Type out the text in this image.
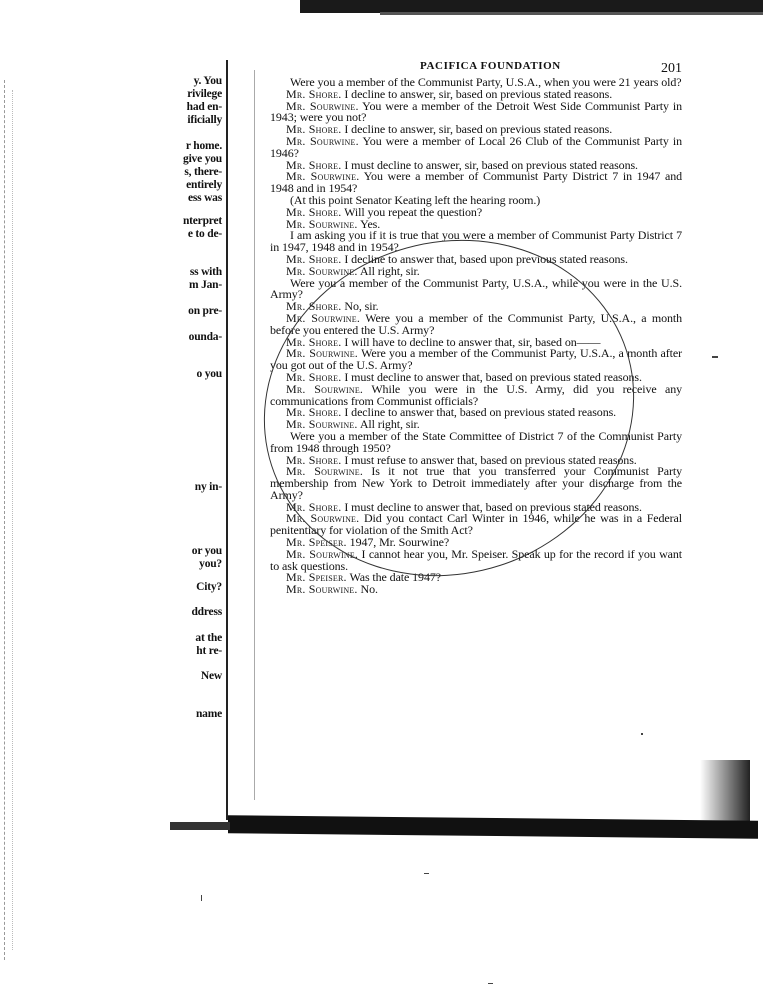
y. You
rivilege
had en-
ificially
r home.
give you
s, there-
entirely
ess was
nterpret
e to de-
ss with
m Jan-
on pre-
ounda-
o you
ny in-
or you
you?
City?
ddress
at the
ht re-
New
name
PACIFICA FOUNDATION	201

Were you a member of the Communist Party, U.S.A., when you were 21 years old?

Mr. Shore. I decline to answer, sir, based on previous stated reasons.

Mr. Sourwine. You were a member of the Detroit West Side Communist Party in 1943; were you not?

Mr. Shore. I decline to answer, sir, based on previous stated reasons.

Mr. Sourwine. You were a member of Local 26 Club of the Communist Party in 1946?

Mr. Shore. I must decline to answer, sir, based on previous stated reasons.

Mr. Sourwine. You were a member of Communist Party District 7 in 1947 and 1948 and in 1954?

(At this point Senator Keating left the hearing room.)

Mr. Shore. Will you repeat the question?

Mr. Sourwine. Yes.

I am asking you if it is true that you were a member of Communist Party District 7 in 1947, 1948 and in 1954?

Mr. Shore. I decline to answer that, based upon previous stated reasons.

Mr. Sourwine. All right, sir.

Were you a member of the Communist Party, U.S.A., while you were in the U.S. Army?

Mr. Shore. No, sir.

Mr. Sourwine. Were you a member of the Communist Party, U.S.A., a month before you entered the U.S. Army?

Mr. Shore. I will have to decline to answer that, sir, based on——

Mr. Sourwine. Were you a member of the Communist Party, U.S.A., a month after you got out of the U.S. Army?

Mr. Shore. I must decline to answer that, based on previous stated reasons.

Mr. Sourwine. While you were in the U.S. Army, did you receive any communications from Communist officials?

Mr. Shore. I decline to answer that, based on previous stated reasons.

Mr. Sourwine. All right, sir.

Were you a member of the State Committee of District 7 of the Communist Party from 1948 through 1950?

Mr. Shore. I must refuse to answer that, based on previous stated reasons.

Mr. Sourwine. Is it not true that you transferred your Communist Party membership from New York to Detroit immediately after your discharge from the Army?

Mr. Shore. I must decline to answer that, based on previous stated reasons.

Mr. Sourwine. Did you contact Carl Winter in 1946, while he was in a Federal penitentiary for violation of the Smith Act?

Mr. Speiser. 1947, Mr. Sourwine?

Mr. Sourwine. I cannot hear you, Mr. Speiser. Speak up for the record if you want to ask questions.

Mr. Speiser. Was the date 1947?

Mr. Sourwine. No.
